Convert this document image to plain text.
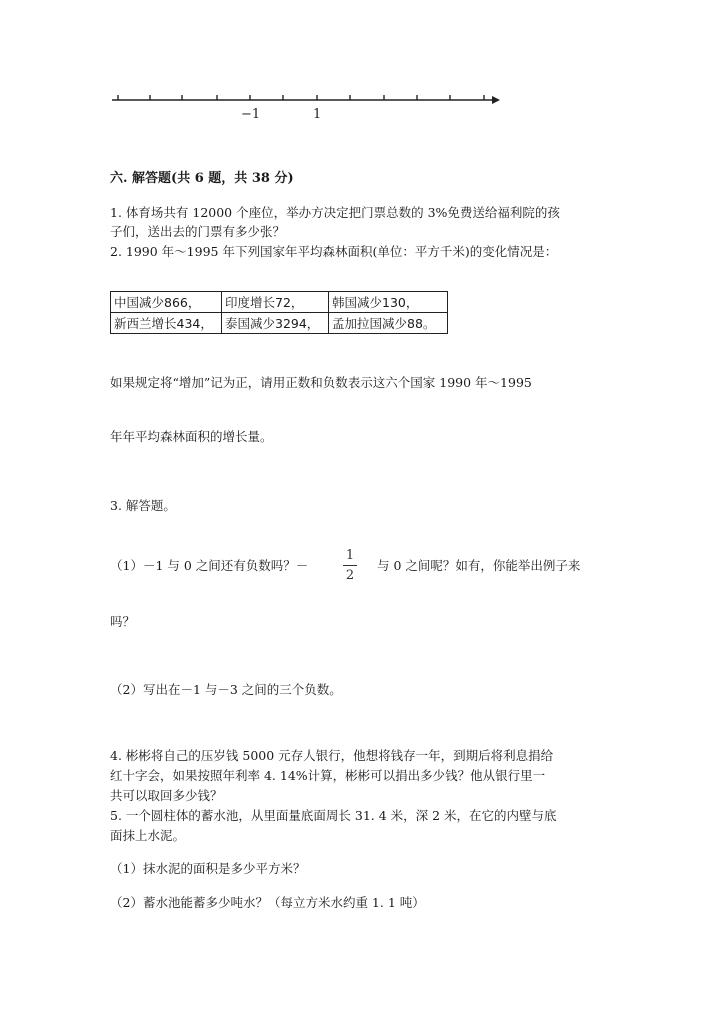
−1	1
六. 解答题(共 6 题，共 38 分)
1. 体育场共有 12000 个座位，举办方决定把门票总数的 3%免费送给福利院的孩
子们，送出去的门票有多少张？
2. 1990 年～1995 年下列国家年平均森林面积(单位：平方千米)的变化情况是：
中国减少866，	印度增长72，	韩国减少130，
新西兰增长434，	泰国减少3294，	孟加拉国减少88。
如果规定将“增加”记为正，请用正数和负数表示这六个国家 1990 年～1995
年年平均森林面积的增长量。
3. 解答题。
（1）－1 与 0 之间还有负数吗？－
1
2
与 0 之间呢？如有，你能举出例子来
吗？
（2）写出在－1 与－3 之间的三个负数。
4. 彬彬将自己的压岁钱 5000 元存人银行，他想将钱存一年，到期后将利息捐给
红十字会，如果按照年利率 4. 14%计算，彬彬可以捐出多少钱？他从银行里一
共可以取回多少钱？
5. 一个圆柱体的蓄水池，从里面量底面周长 31. 4 米，深 2 米，在它的内壁与底
面抹上水泥。
（1）抹水泥的面积是多少平方米？
（2）蓄水池能蓄多少吨水？（每立方米水约重 1. 1 吨）
